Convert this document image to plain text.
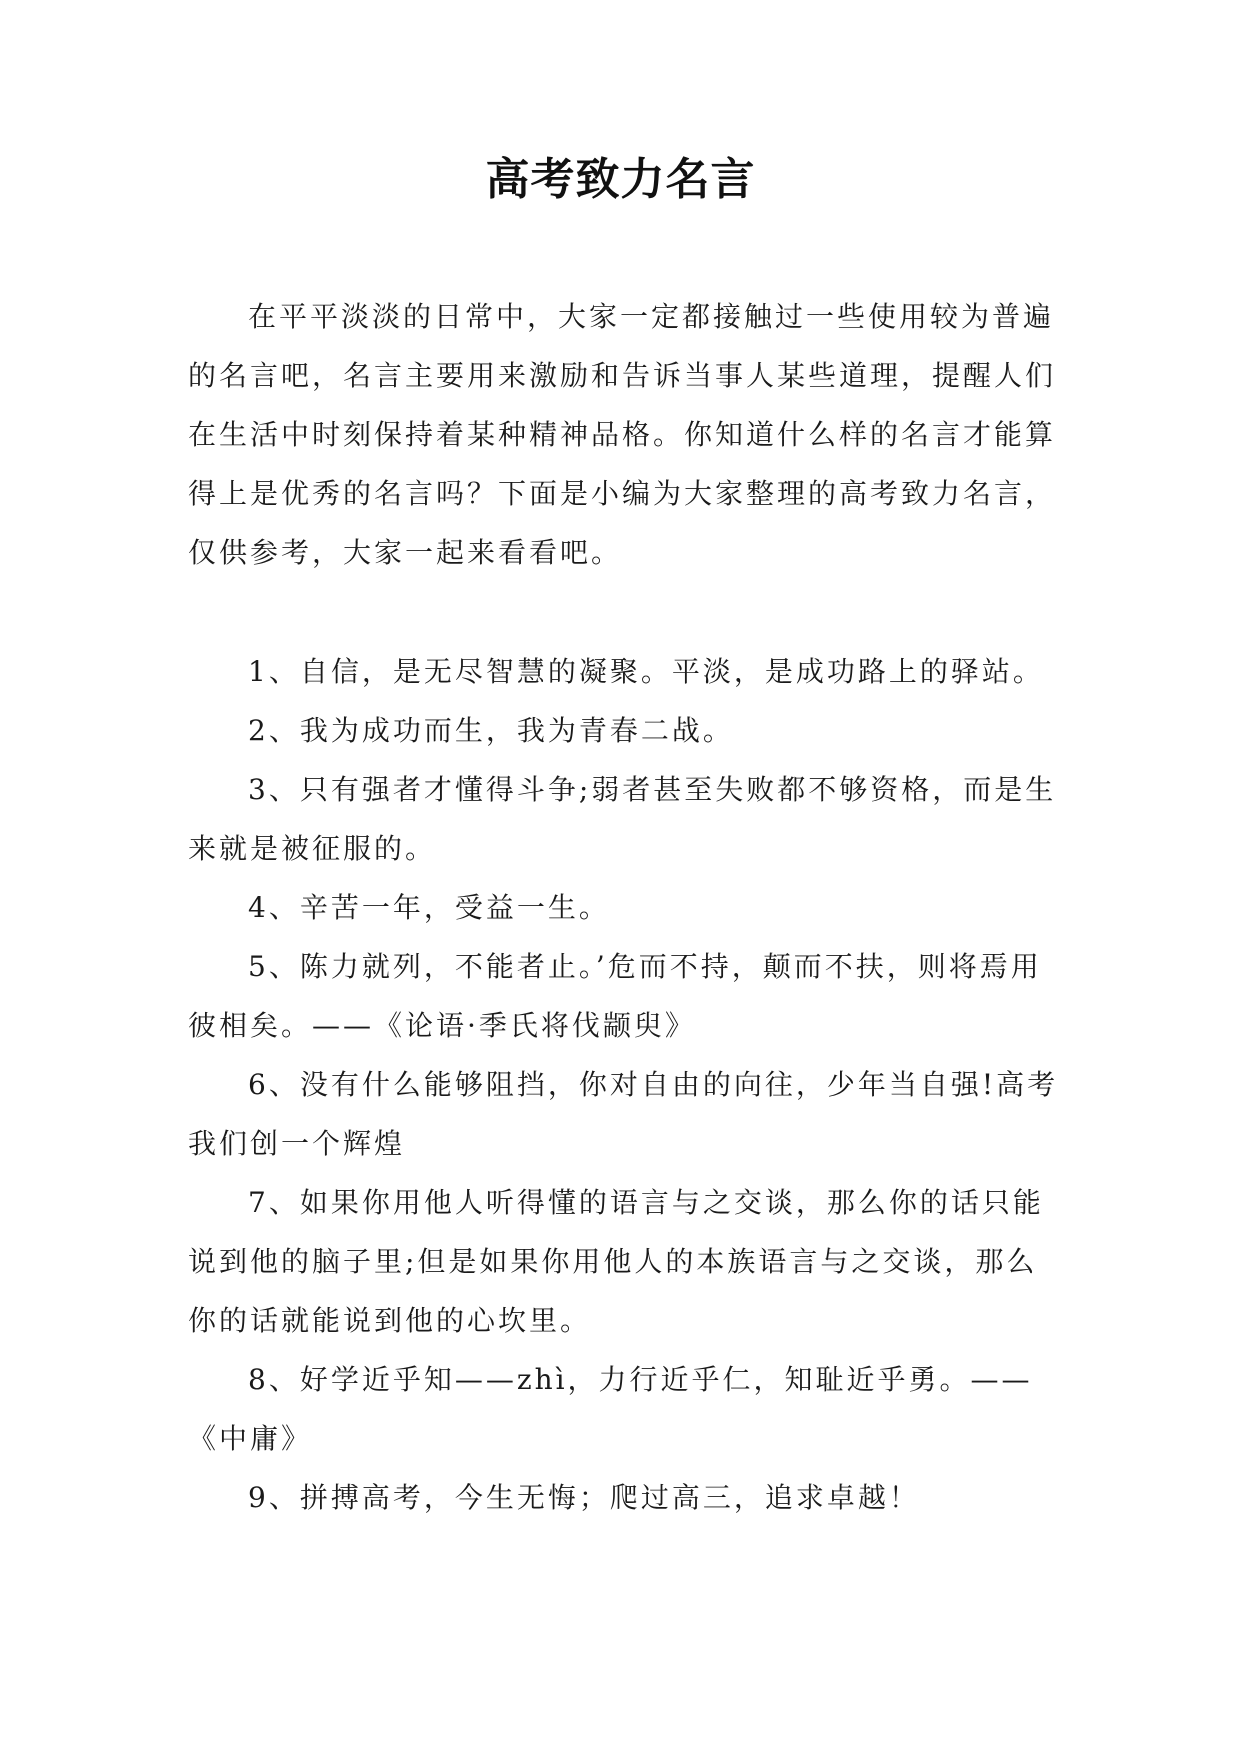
高考致力名言

在平平淡淡的日常中，大家一定都接触过一些使用较为普遍的名言吧，名言主要用来激励和告诉当事人某些道理，提醒人们在生活中时刻保持着某种精神品格。你知道什么样的名言才能算得上是优秀的名言吗？下面是小编为大家整理的高考致力名言，仅供参考，大家一起来看看吧。

1、自信，是无尽智慧的凝聚。平淡，是成功路上的驿站。

2、我为成功而生，我为青春二战。

3、只有强者才懂得斗争;弱者甚至失败都不够资格，而是生来就是被征服的。

4、辛苦一年，受益一生。

5、陈力就列，不能者止。’危而不持，颠而不扶，则将焉用彼相矣。——《论语·季氏将伐颛臾》

6、没有什么能够阻挡，你对自由的向往，少年当自强!高考我们创一个辉煌

7、如果你用他人听得懂的语言与之交谈，那么你的话只能说到他的脑子里;但是如果你用他人的本族语言与之交谈，那么你的话就能说到他的心坎里。

8、好学近乎知——zhì，力行近乎仁，知耻近乎勇。——《中庸》

9、拼搏高考，今生无悔；爬过高三，追求卓越！
